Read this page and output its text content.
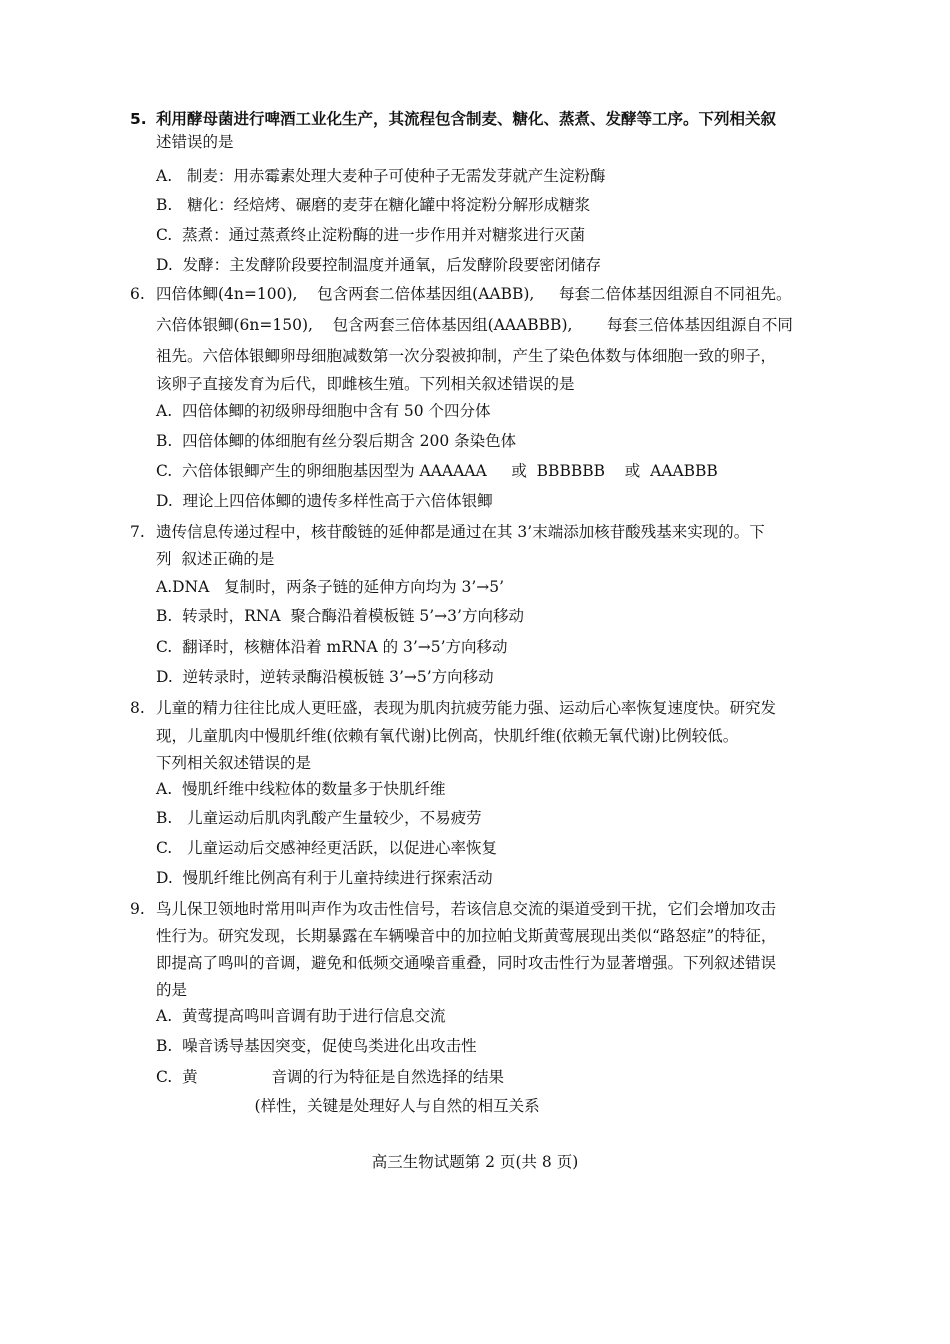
5. 利用酵母菌进行啤酒工业化生产，其流程包含制麦、糖化、蒸煮、发酵等工序。下列相关叙
述错误的是
A.   制麦：用赤霉素处理大麦种子可使种子无需发芽就产生淀粉酶
B.   糖化：经焙烤、碾磨的麦芽在糖化罐中将淀粉分解形成糖浆
C.  蒸煮：通过蒸煮终止淀粉酶的进一步作用并对糖浆进行灭菌
D.  发酵：主发酵阶段要控制温度并通氧，后发酵阶段要密闭储存
6. 四倍体鲫(4n=100),    包含两套二倍体基因组(AABB),     每套二倍体基因组源自不同祖先。
六倍体银鲫(6n=150),    包含两套三倍体基因组(AAABBB),       每套三倍体基因组源自不同
祖先。六倍体银鲫卵母细胞减数第一次分裂被抑制，产生了染色体数与体细胞一致的卵子，
该卵子直接发育为后代，即雌核生殖。下列相关叙述错误的是
A.  四倍体鲫的初级卵母细胞中含有 50 个四分体
B.  四倍体鲫的体细胞有丝分裂后期含 200 条染色体
C.  六倍体银鲫产生的卵细胞基因型为 AAAAAA     或  BBBBBB    或  AAABBB
D.  理论上四倍体鲫的遗传多样性高于六倍体银鲫
7. 遗传信息传递过程中，核苷酸链的延伸都是通过在其 3’末端添加核苷酸残基来实现的。下
列  叙述正确的是
A.DNA   复制时，两条子链的延伸方向均为 3’→5’
B.  转录时，RNA  聚合酶沿着模板链 5’→3’方向移动
C.  翻译时，核糖体沿着 mRNA 的 3’→5’方向移动
D.  逆转录时，逆转录酶沿模板链 3’→5’方向移动
8. 儿童的精力往往比成人更旺盛，表现为肌肉抗疲劳能力强、运动后心率恢复速度快。研究发
现，儿童肌肉中慢肌纤维(依赖有氧代谢)比例高，快肌纤维(依赖无氧代谢)比例较低。
下列相关叙述错误的是
A.  慢肌纤维中线粒体的数量多于快肌纤维
B.   儿童运动后肌肉乳酸产生量较少，不易疲劳
C.   儿童运动后交感神经更活跃，以促进心率恢复
D.  慢肌纤维比例高有利于儿童持续进行探索活动
9. 鸟儿保卫领地时常用叫声作为攻击性信号，若该信息交流的渠道受到干扰，它们会增加攻击
性行为。研究发现，长期暴露在车辆噪音中的加拉帕戈斯黄莺展现出类似“路怒症”的特征，
即提高了鸣叫的音调，避免和低频交通噪音重叠，同时攻击性行为显著增强。下列叙述错误
的是
A.  黄莺提高鸣叫音调有助于进行信息交流
B.  噪音诱导基因突变，促使鸟类进化出攻击性
C.  黄               音调的行为特征是自然选择的结果
(样性，关键是处理好人与自然的相互关系
高三生物试题第 2 页(共 8 页)
